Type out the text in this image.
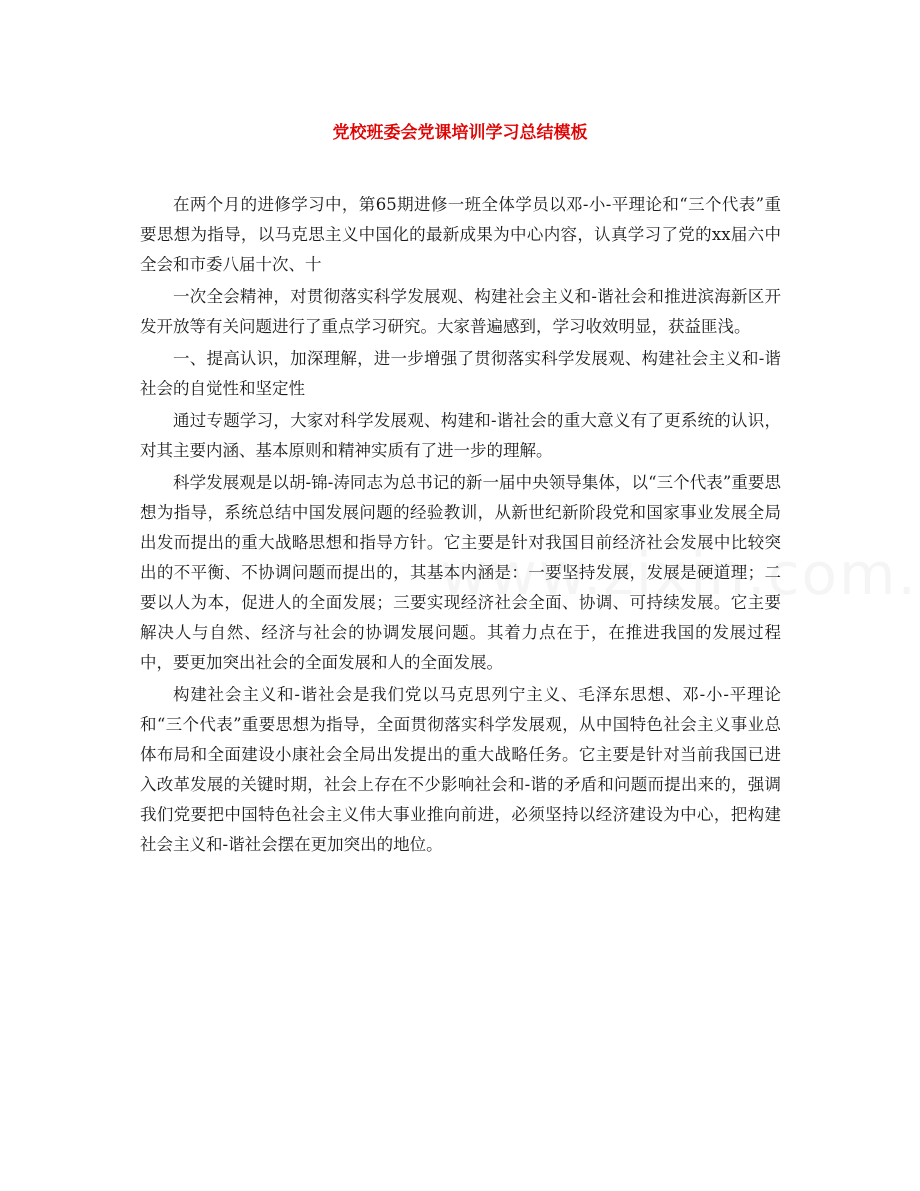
党校班委会党课培训学习总结模板

在两个月的进修学习中，第65期进修一班全体学员以邓-小-平理论和“三个代表”重要思想为指导，以马克思主义中国化的最新成果为中心内容，认真学习了党的xx届六中全会和市委八届十次、十

一次全会精神，对贯彻落实科学发展观、构建社会主义和-谐社会和推进滨海新区开发开放等有关问题进行了重点学习研究。大家普遍感到，学习收效明显，获益匪浅。

一、提高认识，加深理解，进一步增强了贯彻落实科学发展观、构建社会主义和-谐社会的自觉性和坚定性

通过专题学习，大家对科学发展观、构建和-谐社会的重大意义有了更系统的认识，对其主要内涵、基本原则和精神实质有了进一步的理解。

科学发展观是以胡-锦-涛同志为总书记的新一届中央领导集体，以“三个代表”重要思想为指导，系统总结中国发展问题的经验教训，从新世纪新阶段党和国家事业发展全局出发而提出的重大战略思想和指导方针。它主要是针对我国目前经济社会发展中比较突出的不平衡、不协调问题而提出的，其基本内涵是：一要坚持发展，发展是硬道理；二要以人为本，促进人的全面发展；三要实现经济社会全面、协调、可持续发展。它主要解决人与自然、经济与社会的协调发展问题。其着力点在于，在推进我国的发展过程中，要更加突出社会的全面发展和人的全面发展。

构建社会主义和-谐社会是我们党以马克思列宁主义、毛泽东思想、邓-小-平理论和“三个代表”重要思想为指导，全面贯彻落实科学发展观，从中国特色社会主义事业总体布局和全面建设小康社会全局出发提出的重大战略任务。它主要是针对当前我国已进入改革发展的关键时期，社会上存在不少影响社会和-谐的矛盾和问题而提出来的，强调我们党要把中国特色社会主义伟大事业推向前进，必须坚持以经济建设为中心，把构建社会主义和-谐社会摆在更加突出的地位。
